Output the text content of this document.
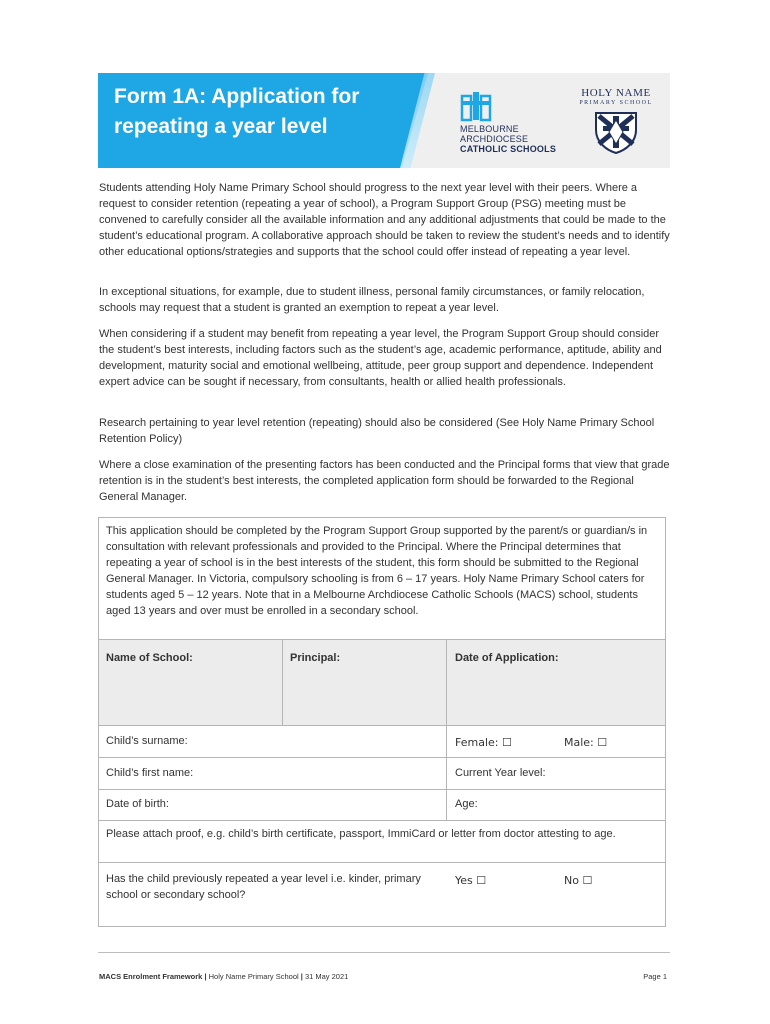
Form 1A: Application for
repeating a year level	MELBOURNE
ARCHDIOCESE
CATHOLIC SCHOOLS
HOLY NAME
PRIMARY SCHOOL

Students attending Holy Name Primary School should progress to the next year level with their peers. Where a request to consider retention (repeating a year of school), a Program Support Group (PSG) meeting must be convened to carefully consider all the available information and any additional adjustments that could be made to the student’s educational program. A collaborative approach should be taken to review the student’s needs and to identify other educational options/strategies and supports that the school could offer instead of repeating a year level.

In exceptional situations, for example, due to student illness, personal family circumstances, or family relocation, schools may request that a student is granted an exemption to repeat a year level.

When considering if a student may benefit from repeating a year level, the Program Support Group should consider the student’s best interests, including factors such as the student’s age, academic performance, aptitude, ability and development, maturity social and emotional wellbeing, attitude, peer group support and dependence. Independent expert advice can be sought if necessary, from consultants, health or allied health professionals.

Research pertaining to year level retention (repeating) should also be considered (See Holy Name Primary School Retention Policy)

Where a close examination of the presenting factors has been conducted and the Principal forms that view that grade retention is in the student’s best interests, the completed application form should be forwarded to the Regional General Manager.

This application should be completed by the Program Support Group supported by the parent/s or guardian/s in consultation with relevant professionals and provided to the Principal. Where the Principal determines that repeating a year of school is in the best interests of the student, this form should be submitted to the Regional General Manager. In Victoria, compulsory schooling is from 6 – 17 years. Holy Name Primary School caters for students aged 5 – 12 years. Note that in a Melbourne Archdiocese Catholic Schools (MACS) school, students aged 13 years and over must be enrolled in a secondary school.

Name of School:	Principal:	Date of Application:

Child’s surname:	Female: ☐	Male: ☐

Child’s first name:	Current Year level:

Date of birth:	Age:

Please attach proof, e.g. child’s birth certificate, passport, ImmiCard or letter from doctor attesting to age.

Has the child previously repeated a year level i.e. kinder, primary school or secondary school?

Yes ☐	No ☐

MACS Enrolment Framework | Holy Name Primary School | 31 May 2021	Page 1
